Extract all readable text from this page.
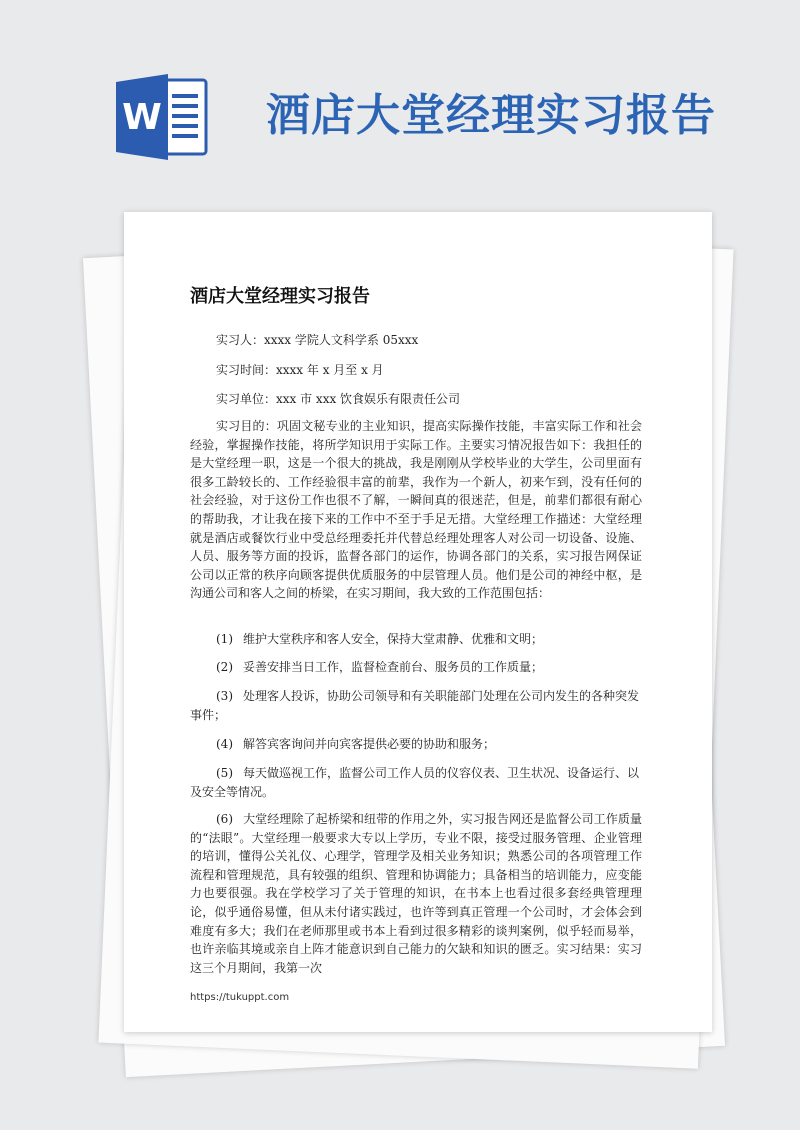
W 酒店大堂经理实习报告
酒店大堂经理实习报告
实习人：xxxx 学院人文科学系 05xxx
实习时间：xxxx 年 x 月至 x 月
实习单位：xxx 市 xxx 饮食娱乐有限责任公司

实习目的：巩固文秘专业的主业知识，提高实际操作技能，丰富实际工作和社会经验，掌握操作技能，将所学知识用于实际工作。主要实习情况报告如下：我担任的是大堂经理一职，这是一个很大的挑战，我是刚刚从学校毕业的大学生，公司里面有很多工龄较长的、工作经验很丰富的前辈，我作为一个新人，初来乍到，没有任何的社会经验，对于这份工作也很不了解，一瞬间真的很迷茫，但是，前辈们都很有耐心的帮助我，才让我在接下来的工作中不至于手足无措。大堂经理工作描述：大堂经理就是酒店或餐饮行业中受总经理委托并代替总经理处理客人对公司一切设备、设施、人员、服务等方面的投诉，监督各部门的运作，协调各部门的关系，实习报告网保证公司以正常的秩序向顾客提供优质服务的中层管理人员。他们是公司的神经中枢，是沟通公司和客人之间的桥梁，在实习期间，我大致的工作范围包括：

(1) 维护大堂秩序和客人安全，保持大堂肃静、优雅和文明；

(2) 妥善安排当日工作，监督检查前台、服务员的工作质量；

(3) 处理客人投诉，协助公司领导和有关职能部门处理在公司内发生的各种突发事件；

(4) 解答宾客询问并向宾客提供必要的协助和服务；

(5) 每天做巡视工作，监督公司工作人员的仪容仪表、卫生状况、设备运行、以及安全等情况。

(6) 大堂经理除了起桥梁和纽带的作用之外，实习报告网还是监督公司工作质量的“法眼”。大堂经理一般要求大专以上学历，专业不限，接受过服务管理、企业管理的培训，懂得公关礼仪、心理学，管理学及相关业务知识；熟悉公司的各项管理工作流程和管理规范，具有较强的组织、管理和协调能力；具备相当的培训能力，应变能力也要很强。我在学校学习了关于管理的知识，在书本上也看过很多套经典管理理论，似乎通俗易懂，但从未付诸实践过，也许等到真正管理一个公司时，才会体会到难度有多大；我们在老师那里或书本上看到过很多精彩的谈判案例，似乎轻而易举，也许亲临其境或亲自上阵才能意识到自己能力的欠缺和知识的匮乏。实习结果：实习这三个月期间，我第一次

https://tukuppt.com
